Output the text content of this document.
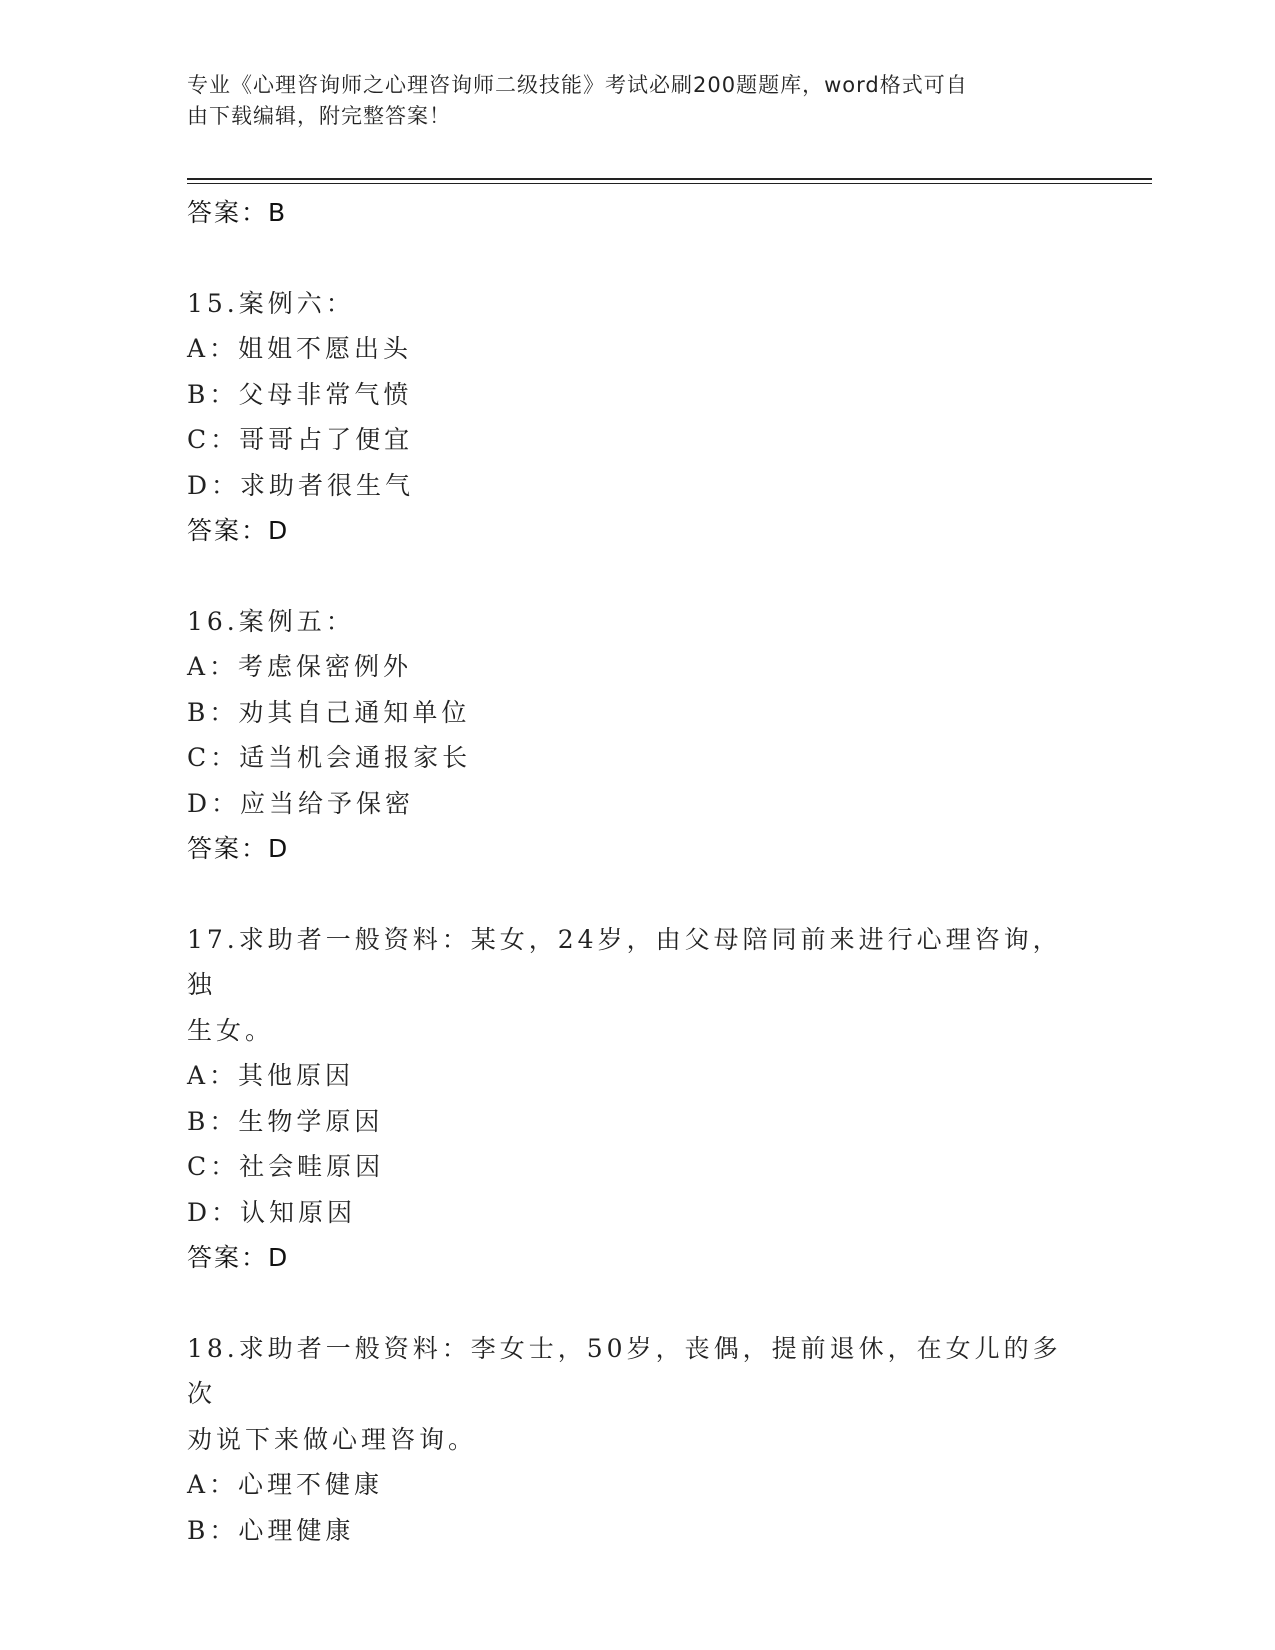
专业《心理咨询师之心理咨询师二级技能》考试必刷200题题库，word格式可自
由下载编辑，附完整答案！
答案：B
15.案例六：
A：姐姐不愿出头
B：父母非常气愤
C：哥哥占了便宜
D：求助者很生气
答案：D
16.案例五：
A：考虑保密例外
B：劝其自己通知单位
C：适当机会通报家长
D：应当给予保密
答案：D
17.求助者一般资料：某女，24岁，由父母陪同前来进行心理咨询，独
生女。
A：其他原因
B：生物学原因
C：社会畦原因
D：认知原因
答案：D
18.求助者一般资料：李女士，50岁，丧偶，提前退休，在女儿的多次
劝说下来做心理咨询。
A：心理不健康
B：心理健康
